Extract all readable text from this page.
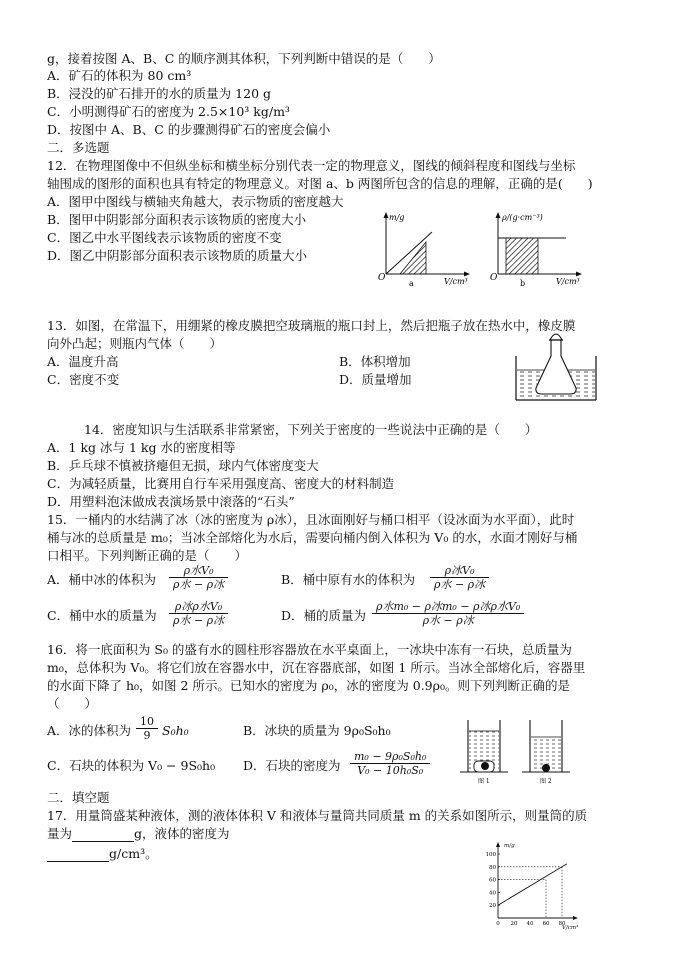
g，接着按图 A、B、C 的顺序测其体积，下列判断中错误的是（　　）
A．矿石的体积为 80 cm³
B．浸没的矿石排开的水的质量为 120 g
C．小明测得矿石的密度为 2.5×10³ kg/m³
D．按图中 A、B、C 的步骤测得矿石的密度会偏小
二．多选题
12．在物理图像中不但纵坐标和横坐标分别代表一定的物理意义，图线的倾斜程度和图线与坐标
轴围成的图形的面积也具有特定的物理意义。对图 a、b 两图所包含的信息的理解，正确的是(　　)
A．图甲中图线与横轴夹角越大，表示物质的密度越大
B．图甲中阴影部分面积表示该物质的密度大小
C．图乙中水平图线表示该物质的密度不变
D．图乙中阴影部分面积表示该物质的质量大小
m/g
O	V/cm³
a
ρ/(g·cm⁻³)
O	V/cm³
b
13．如图，在常温下，用绷紧的橡皮膜把空玻璃瓶的瓶口封上，然后把瓶子放在热水中，橡皮膜
向外凸起；则瓶内气体（　　）
A．温度升高	B．体积增加
C．密度不变	D．质量增加
14．密度知识与生活联系非常紧密，下列关于密度的一些说法中正确的是（　　）
A．1 kg 冰与 1 kg 水的密度相等
B．乒乓球不慎被挤瘪但无损，球内气体密度变大
C．为减轻质量，比赛用自行车采用强度高、密度大的材料制造
D．用塑料泡沫做成表演场景中滚落的“石头”
15．一桶内的水结满了冰（冰的密度为 ρ冰），且冰面刚好与桶口相平（设冰面为水平面），此时
桶与冰的总质量是 m₀；当冰全部熔化为水后，需要向桶内倒入体积为 V₀ 的水，水面才刚好与桶
口相平。下列判断正确的是（　　）
A．桶中冰的体积为
ρ水V₀
ρ水 − ρ冰	B．桶中原有水的体积为
ρ冰V₀
ρ水 − ρ冰
C．桶中水的质量为
ρ冰ρ水V₀
ρ水 − ρ冰	D．桶的质量为
ρ水m₀ − ρ冰m₀ − ρ冰ρ水V₀
ρ水 − ρ冰
16．将一底面积为 S₀ 的盛有水的圆柱形容器放在水平桌面上，一冰块中冻有一石块，总质量为
m₀，总体积为 V₀。将它们放在容器水中，沉在容器底部，如图 1 所示。当冰全部熔化后，容器里
的水面下降了 h₀，如图 2 所示。已知水的密度为 ρ₀，冰的密度为 0.9ρ₀。则下列判断正确的是
（　　）
A．冰的体积为 $\frac{10}{9} S_0h_0$	B．冰块的质量为 9ρ₀S₀h₀
C．石块的体积为 V₀ − 9S₀h₀ D．石块的密度为 $\frac{\text{m₀ − 9ρ₀S₀h₀}}{\text{V₀ − 10h₀S₀}}$
图 1	图 2
二．填空题
17．用量筒盛某种液体，测的液体体积 V 和液体与量筒共同质量 m 的关系如图所示，则量筒的质
量为	g，液体的密度为
g/cm³。	m/g
V/cm³
20
40
60
80
100
0 20 40 60 80
